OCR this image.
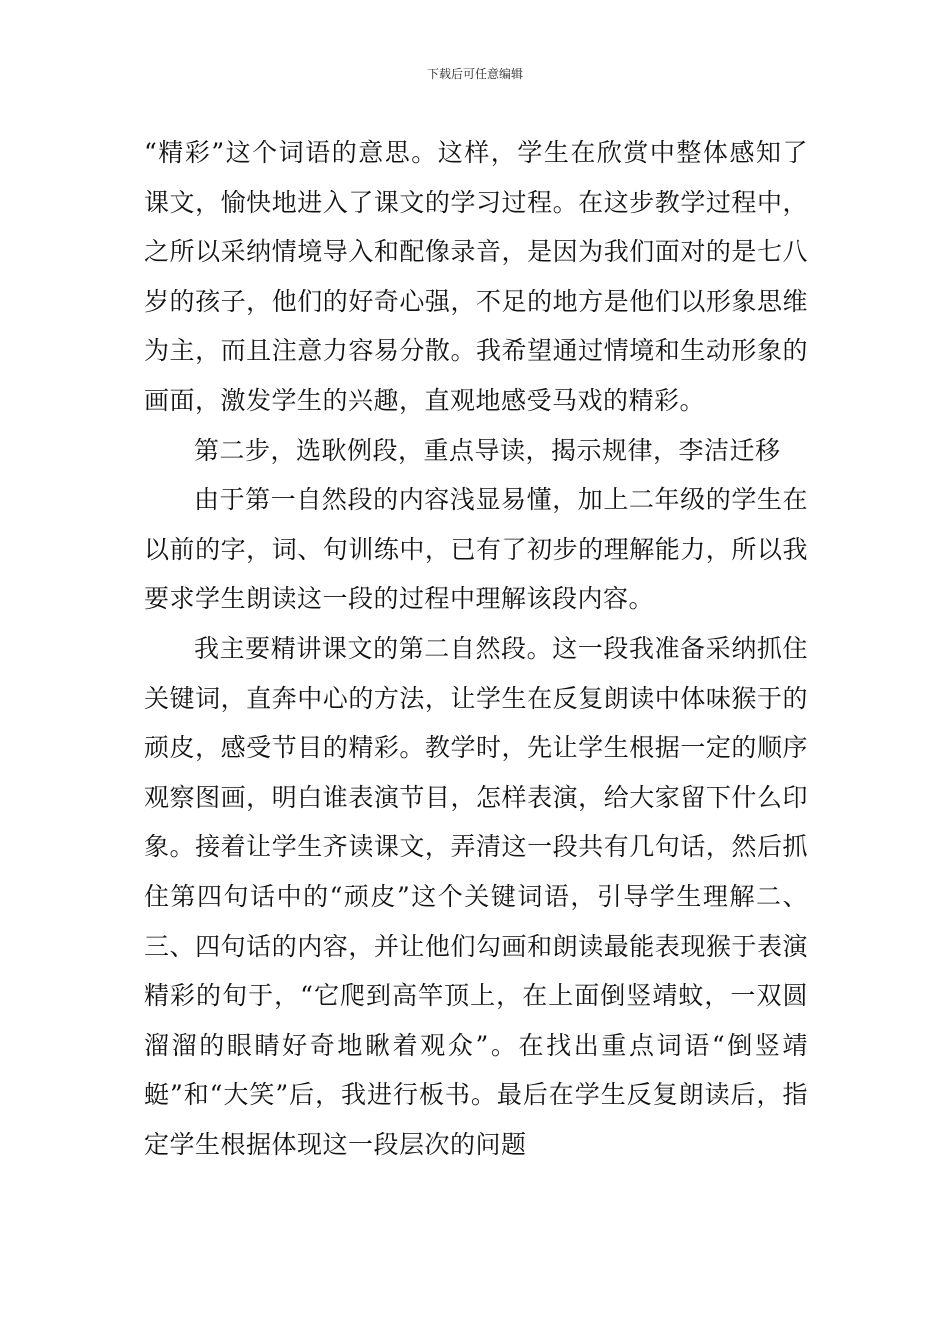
下载后可任意编辑

“精彩”这个词语的意思。这样，学生在欣赏中整体感知了课文，愉快地进入了课文的学习过程。在这步教学过程中，之所以采纳情境导入和配像录音，是因为我们面对的是七八岁的孩子，他们的好奇心强，不足的地方是他们以形象思维为主，而且注意力容易分散。我希望通过情境和生动形象的画面，激发学生的兴趣，直观地感受马戏的精彩。

第二步，选耿例段，重点导读，揭示规律，李洁迁移

由于第一自然段的内容浅显易懂，加上二年级的学生在以前的字，词、句训练中，已有了初步的理解能力，所以我要求学生朗读这一段的过程中理解该段内容。

我主要精讲课文的第二自然段。这一段我准备采纳抓住关键词，直奔中心的方法，让学生在反复朗读中体味猴于的顽皮，感受节目的精彩。教学时，先让学生根据一定的顺序观察图画，明白谁表演节目，怎样表演，给大家留下什么印象。接着让学生齐读课文，弄清这一段共有几句话，然后抓住第四句话中的“顽皮”这个关键词语，引导学生理解二、三、四句话的内容，并让他们勾画和朗读最能表现猴于表演精彩的旬于，“它爬到高竿顶上，在上面倒竖靖蚊，一双圆溜溜的眼睛好奇地瞅着观众”。在找出重点词语“倒竖靖蜓”和“大笑”后，我进行板书。最后在学生反复朗读后，指定学生根据体现这一段层次的问题
